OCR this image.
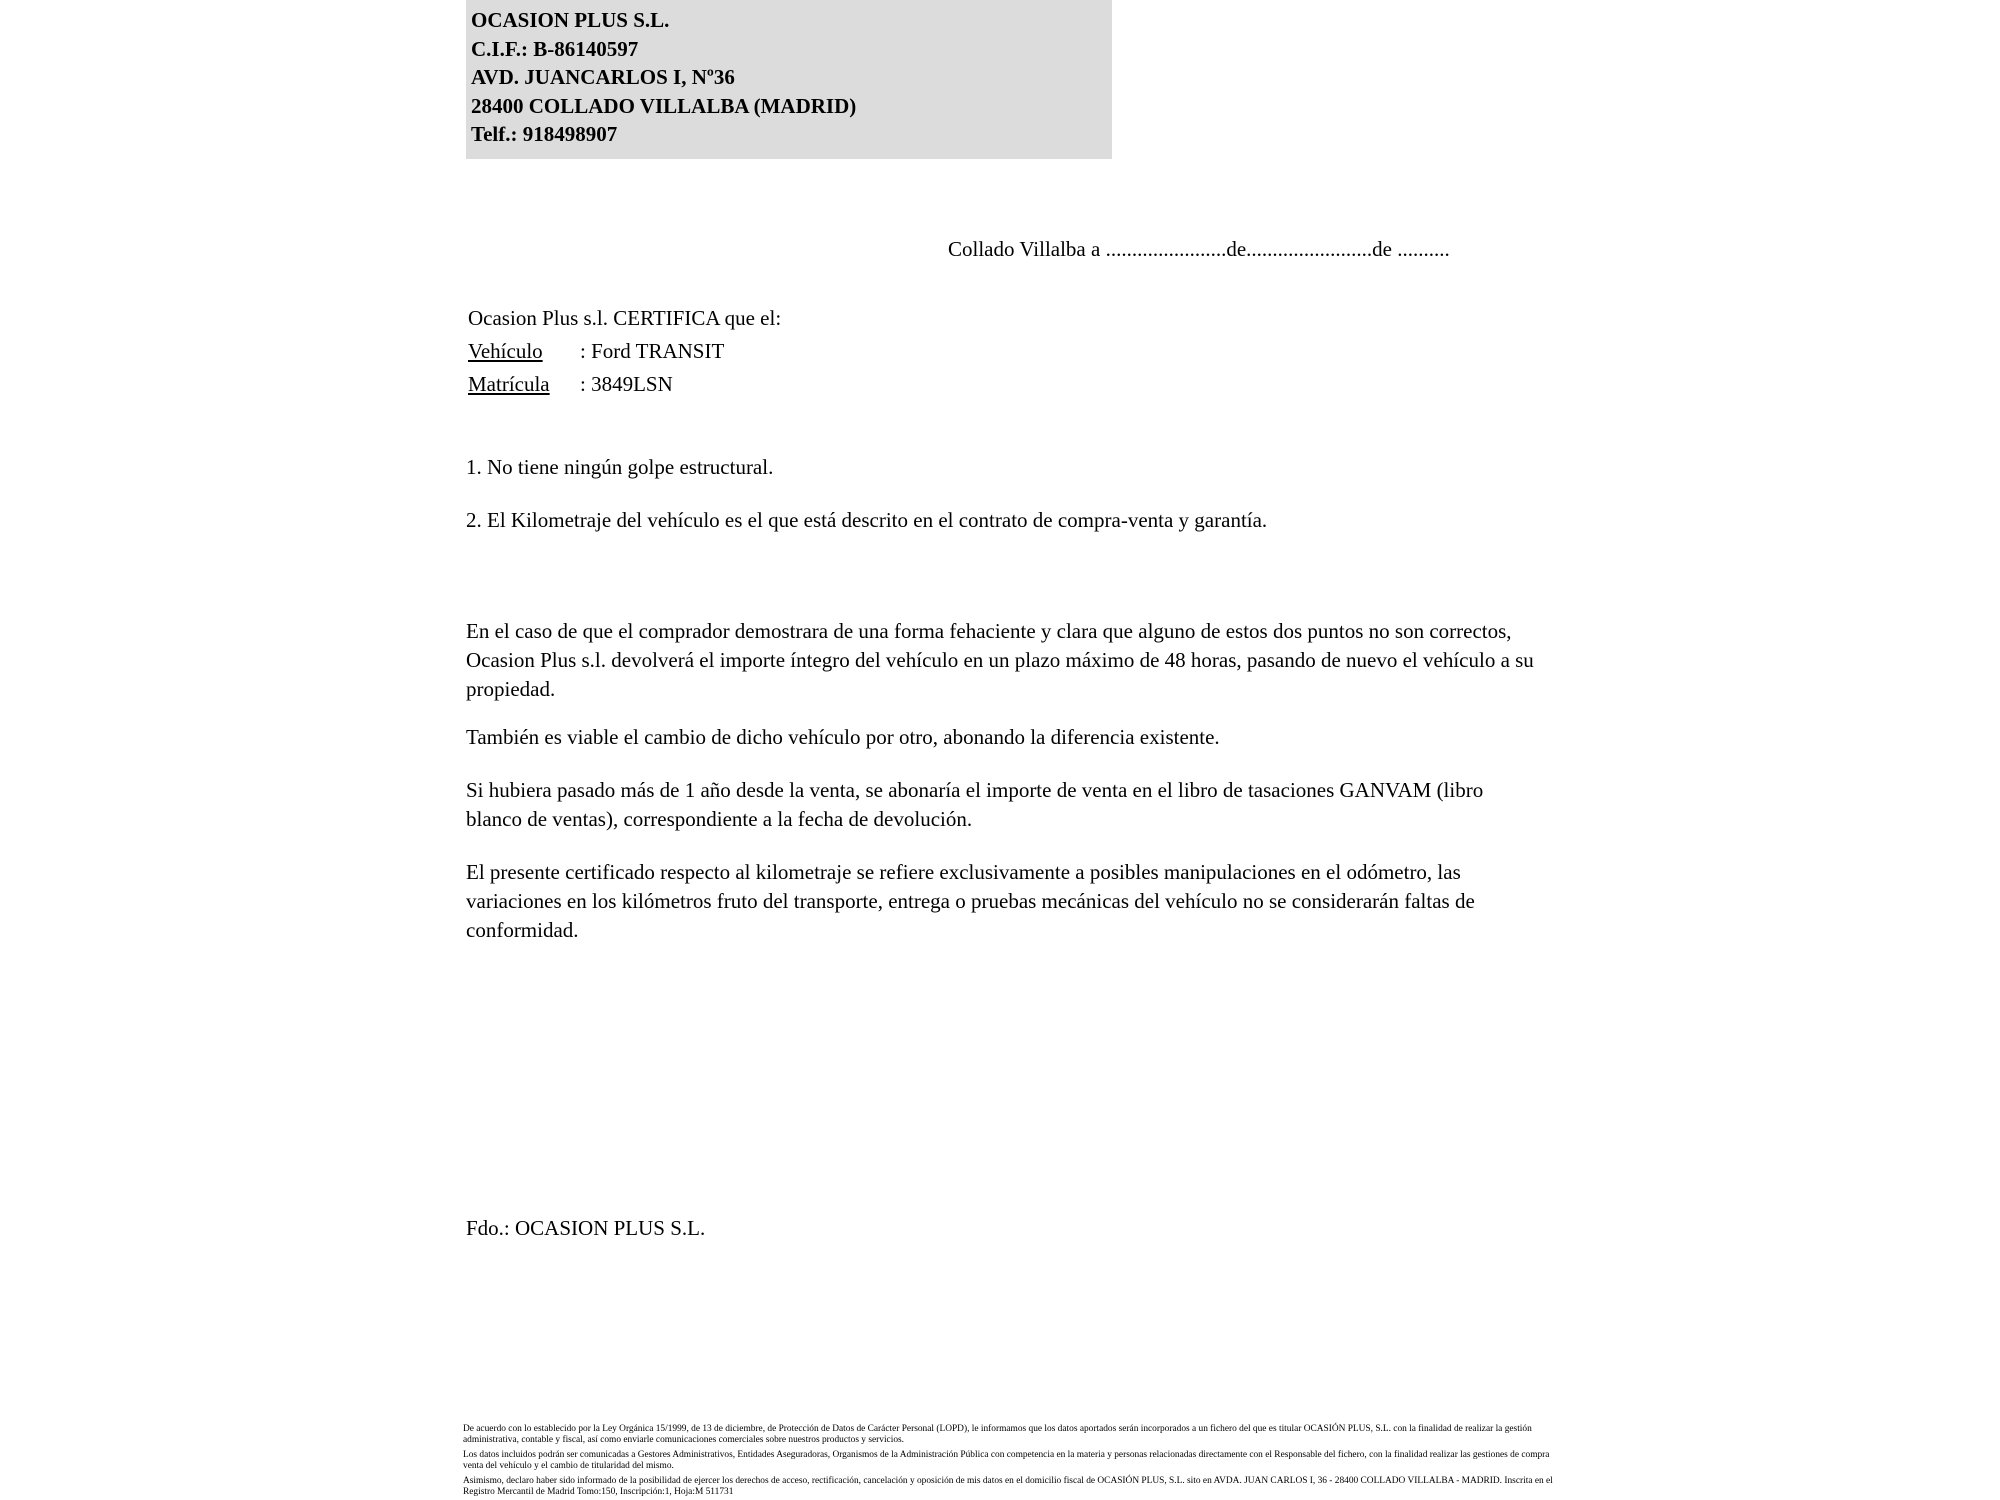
OCASION PLUS S.L.
C.I.F.: B-86140597
AVD. JUANCARLOS I, Nº36
28400 COLLADO VILLALBA (MADRID)
Telf.: 918498907
Collado Villalba a .......................de........................de ..........
Ocasion Plus s.l. CERTIFICA que el:
Vehículo : Ford TRANSIT
Matrícula : 3849LSN
1. No tiene ningún golpe estructural.
2. El Kilometraje del vehículo es el que está descrito en el contrato de compra-venta y garantía.
En el caso de que el comprador demostrara de una forma fehaciente y clara que alguno de estos dos puntos no son correctos, Ocasion Plus s.l. devolverá el importe íntegro del vehículo en un plazo máximo de 48 horas, pasando de nuevo el vehículo a su propiedad.
También es viable el cambio de dicho vehículo por otro, abonando la diferencia existente.
Si hubiera pasado más de 1 año desde la venta, se abonaría el importe de venta en el libro de tasaciones GANVAM (libro blanco de ventas), correspondiente a la fecha de devolución.
El presente certificado respecto al kilometraje se refiere exclusivamente a posibles manipulaciones en el odómetro, las variaciones en los kilómetros fruto del transporte, entrega o pruebas mecánicas del vehículo no se considerarán faltas de conformidad.
Fdo.: OCASION PLUS S.L.

De acuerdo con lo establecido por la Ley Orgánica 15/1999, de 13 de diciembre, de Protección de Datos de Carácter Personal (LOPD), le informamos que los datos aportados serán incorporados a un fichero del que es titular OCASIÓN PLUS, S.L. con la finalidad de realizar la gestión administrativa, contable y fiscal, así como enviarle comunicaciones comerciales sobre nuestros productos y servicios.

Los datos incluidos podrán ser comunicadas a Gestores Administrativos, Entidades Aseguradoras, Organismos de la Administración Pública con competencia en la materia y personas relacionadas directamente con el Responsable del fichero, con la finalidad realizar las gestiones de compra venta del vehículo y el cambio de titularidad del mismo.

Asimismo, declaro haber sido informado de la posibilidad de ejercer los derechos de acceso, rectificación, cancelación y oposición de mis datos en el domicilio fiscal de OCASIÓN PLUS, S.L. sito en AVDA. JUAN CARLOS I, 36 - 28400 COLLADO VILLALBA - MADRID. Inscrita en el Registro Mercantil de Madrid Tomo:150, Inscripción:1, Hoja:M 511731
